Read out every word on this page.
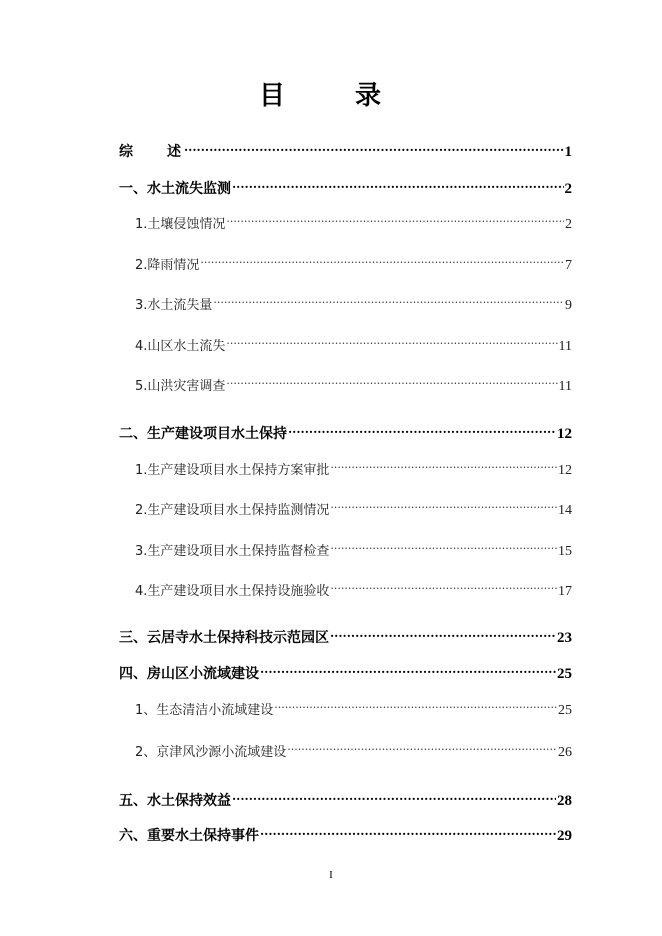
目　录
综　　述 .....	1
一、水土流失监测 .....	2
1.土壤侵蚀情况 .....	2
2.降雨情况 .....	7
3.水土流失量 .....	9
4.山区水土流失 .....	11
5.山洪灾害调查 .....	11
二、生产建设项目水土保持 .....	12
1.生产建设项目水土保持方案审批 .....	12
2.生产建设项目水土保持监测情况 .....	14
3.生产建设项目水土保持监督检查 .....	15
4.生产建设项目水土保持设施验收 .....	17
三、云居寺水土保持科技示范园区 .....	23
四、房山区小流域建设 .....	25
1、生态清洁小流域建设 .....	25
2、京津风沙源小流域建设 .....	26
五、水土保持效益 .....	28
六、重要水土保持事件 .....	29
I
